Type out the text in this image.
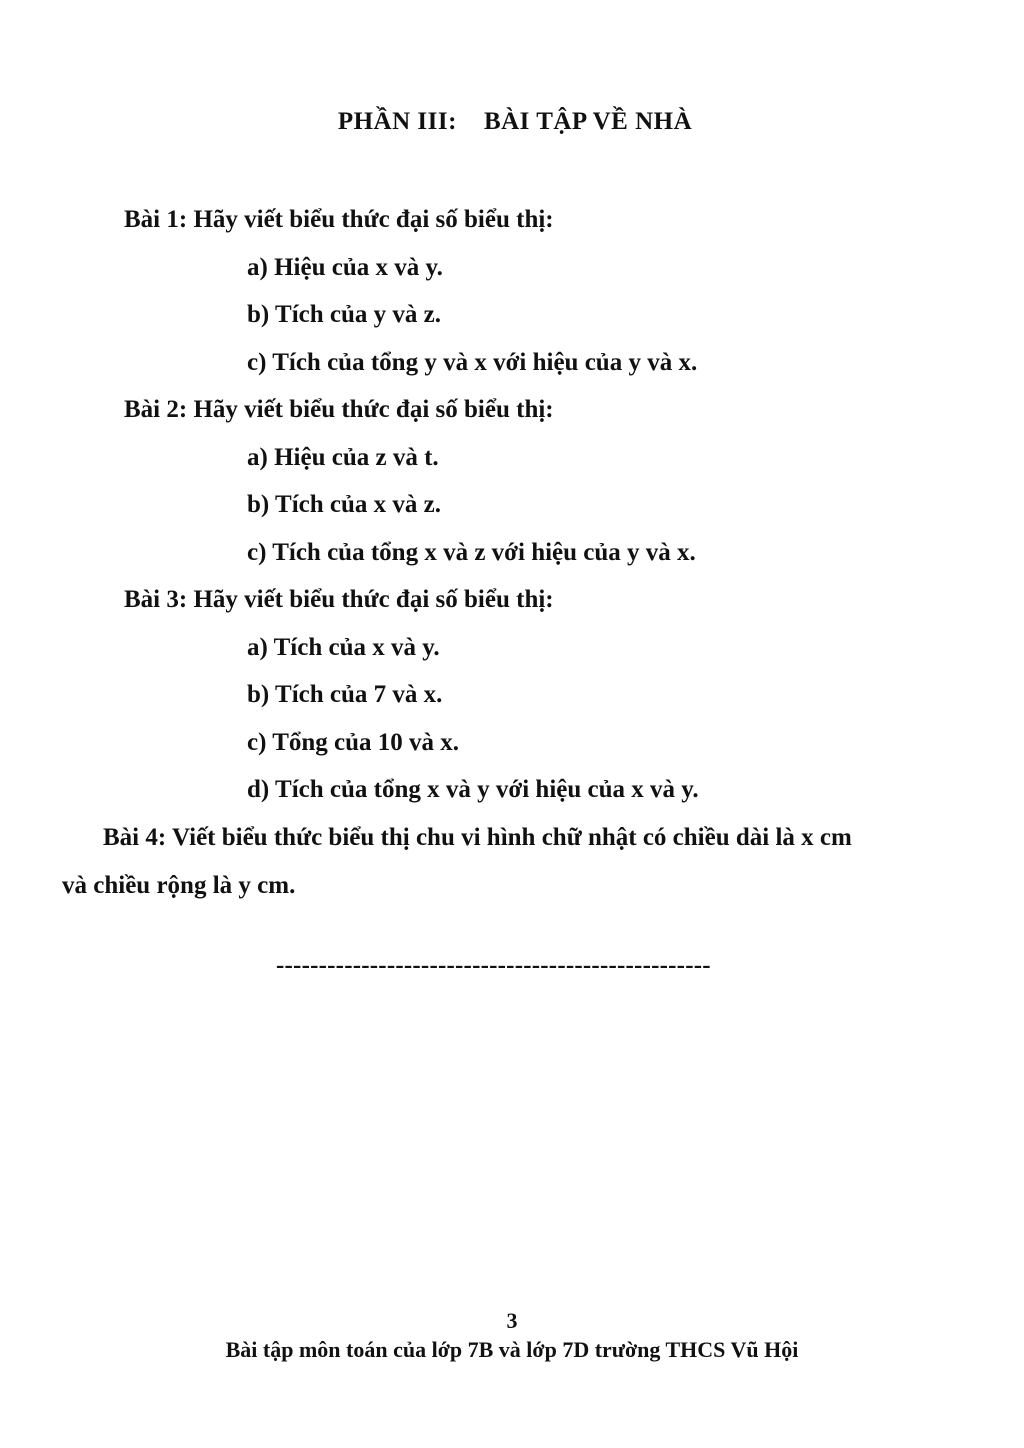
PHẦN III: BÀI TẬP VỀ NHÀ
Bài 1: Hãy viết biểu thức đại số biểu thị:
a) Hiệu của x và y.
b) Tích của y và z.
c) Tích của tổng y và x với hiệu của y và x.
Bài 2: Hãy viết biểu thức đại số biểu thị:
a) Hiệu của z và t.
b) Tích của x và z.
c) Tích của tổng x và z với hiệu của y và x.
Bài 3: Hãy viết biểu thức đại số biểu thị:
a) Tích của x và y.
b) Tích của 7 và x.
c) Tổng của 10 và x.
d) Tích của tổng x và y với hiệu của x và y.
Bài 4: Viết biểu thức biểu thị chu vi hình chữ nhật có chiều dài là x cm
và chiều rộng là y cm.
---------------------------------------------------
3
Bài tập môn toán của lớp 7B và lớp 7D trường THCS Vũ Hội
